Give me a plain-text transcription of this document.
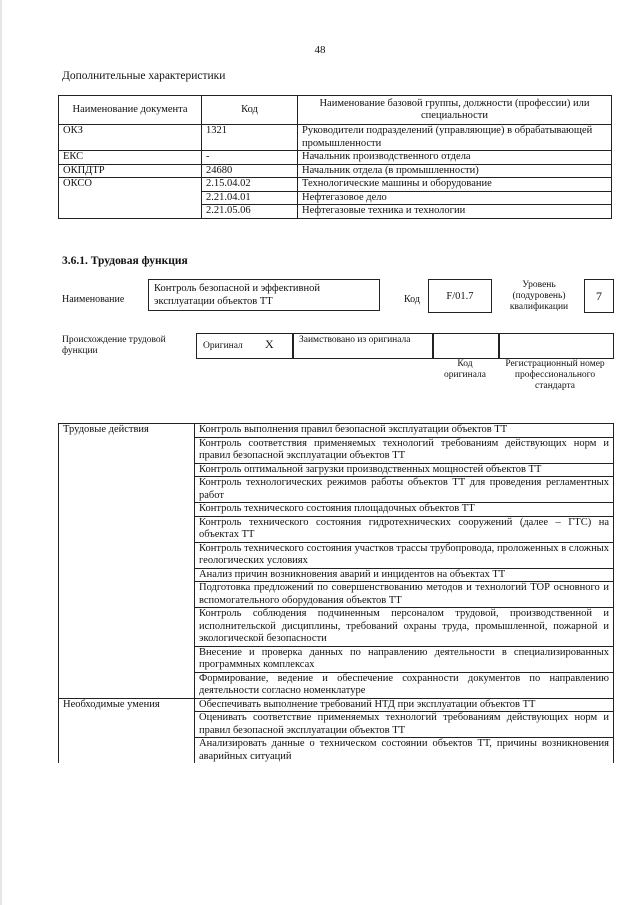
48
Дополнительные характеристики
Наименование документа	Код	Наименование базовой группы, должности (профессии) или специальности
ОКЗ	1321	Руководители подразделений (управляющие) в обрабатывающей промышленности
ЕКС	-	Начальник производственного отдела
ОКПДТР	24680	Начальник отдела (в промышленности)
ОКСО	2.15.04.02	Технологические машины и оборудование
	2.21.04.01	Нефтегазовое дело
	2.21.05.06	Нефтегазовые техника и технологии
3.6.1. Трудовая функция
Наименование
Контроль безопасной и эффективной эксплуатации объектов ТТ	Код	F/01.7
Уровень (подуровень) квалификации
7
Происхождение трудовой функции	Оригинал X	Заимствовано из оригинала
Код оригинала
Регистрационный номер профессионального стандарта
Трудовые действия	Контроль выполнения правил безопасной эксплуатации объектов ТТ
	Контроль соответствия применяемых технологий требованиям действующих норм и правил безопасной эксплуатации объектов ТТ
	Контроль оптимальной загрузки производственных мощностей объектов ТТ
	Контроль технологических режимов работы объектов ТТ для проведения регламентных работ
	Контроль технического состояния площадочных объектов ТТ
	Контроль технического состояния гидротехнических сооружений (далее – ГТС) на объектах ТТ
	Контроль технического состояния участков трассы трубопровода, проложенных в сложных геологических условиях
	Анализ причин возникновения аварий и инцидентов на объектах ТТ
	Подготовка предложений по совершенствованию методов и технологий ТОР основного и вспомогательного оборудования объектов ТТ
	Контроль соблюдения подчиненным персоналом трудовой, производственной и исполнительской дисциплины, требований охраны труда, промышленной, пожарной и экологической безопасности
	Внесение и проверка данных по направлению деятельности в специализированных программных комплексах
	Формирование, ведение и обеспечение сохранности документов по направлению деятельности согласно номенклатуре
Необходимые умения	Обеспечивать выполнение требований НТД при эксплуатации объектов ТТ
	Оценивать соответствие применяемых технологий требованиям действующих норм и правил безопасной эксплуатации объектов ТТ
	Анализировать данные о техническом состоянии объектов ТТ, причины возникновения аварийных ситуаций
